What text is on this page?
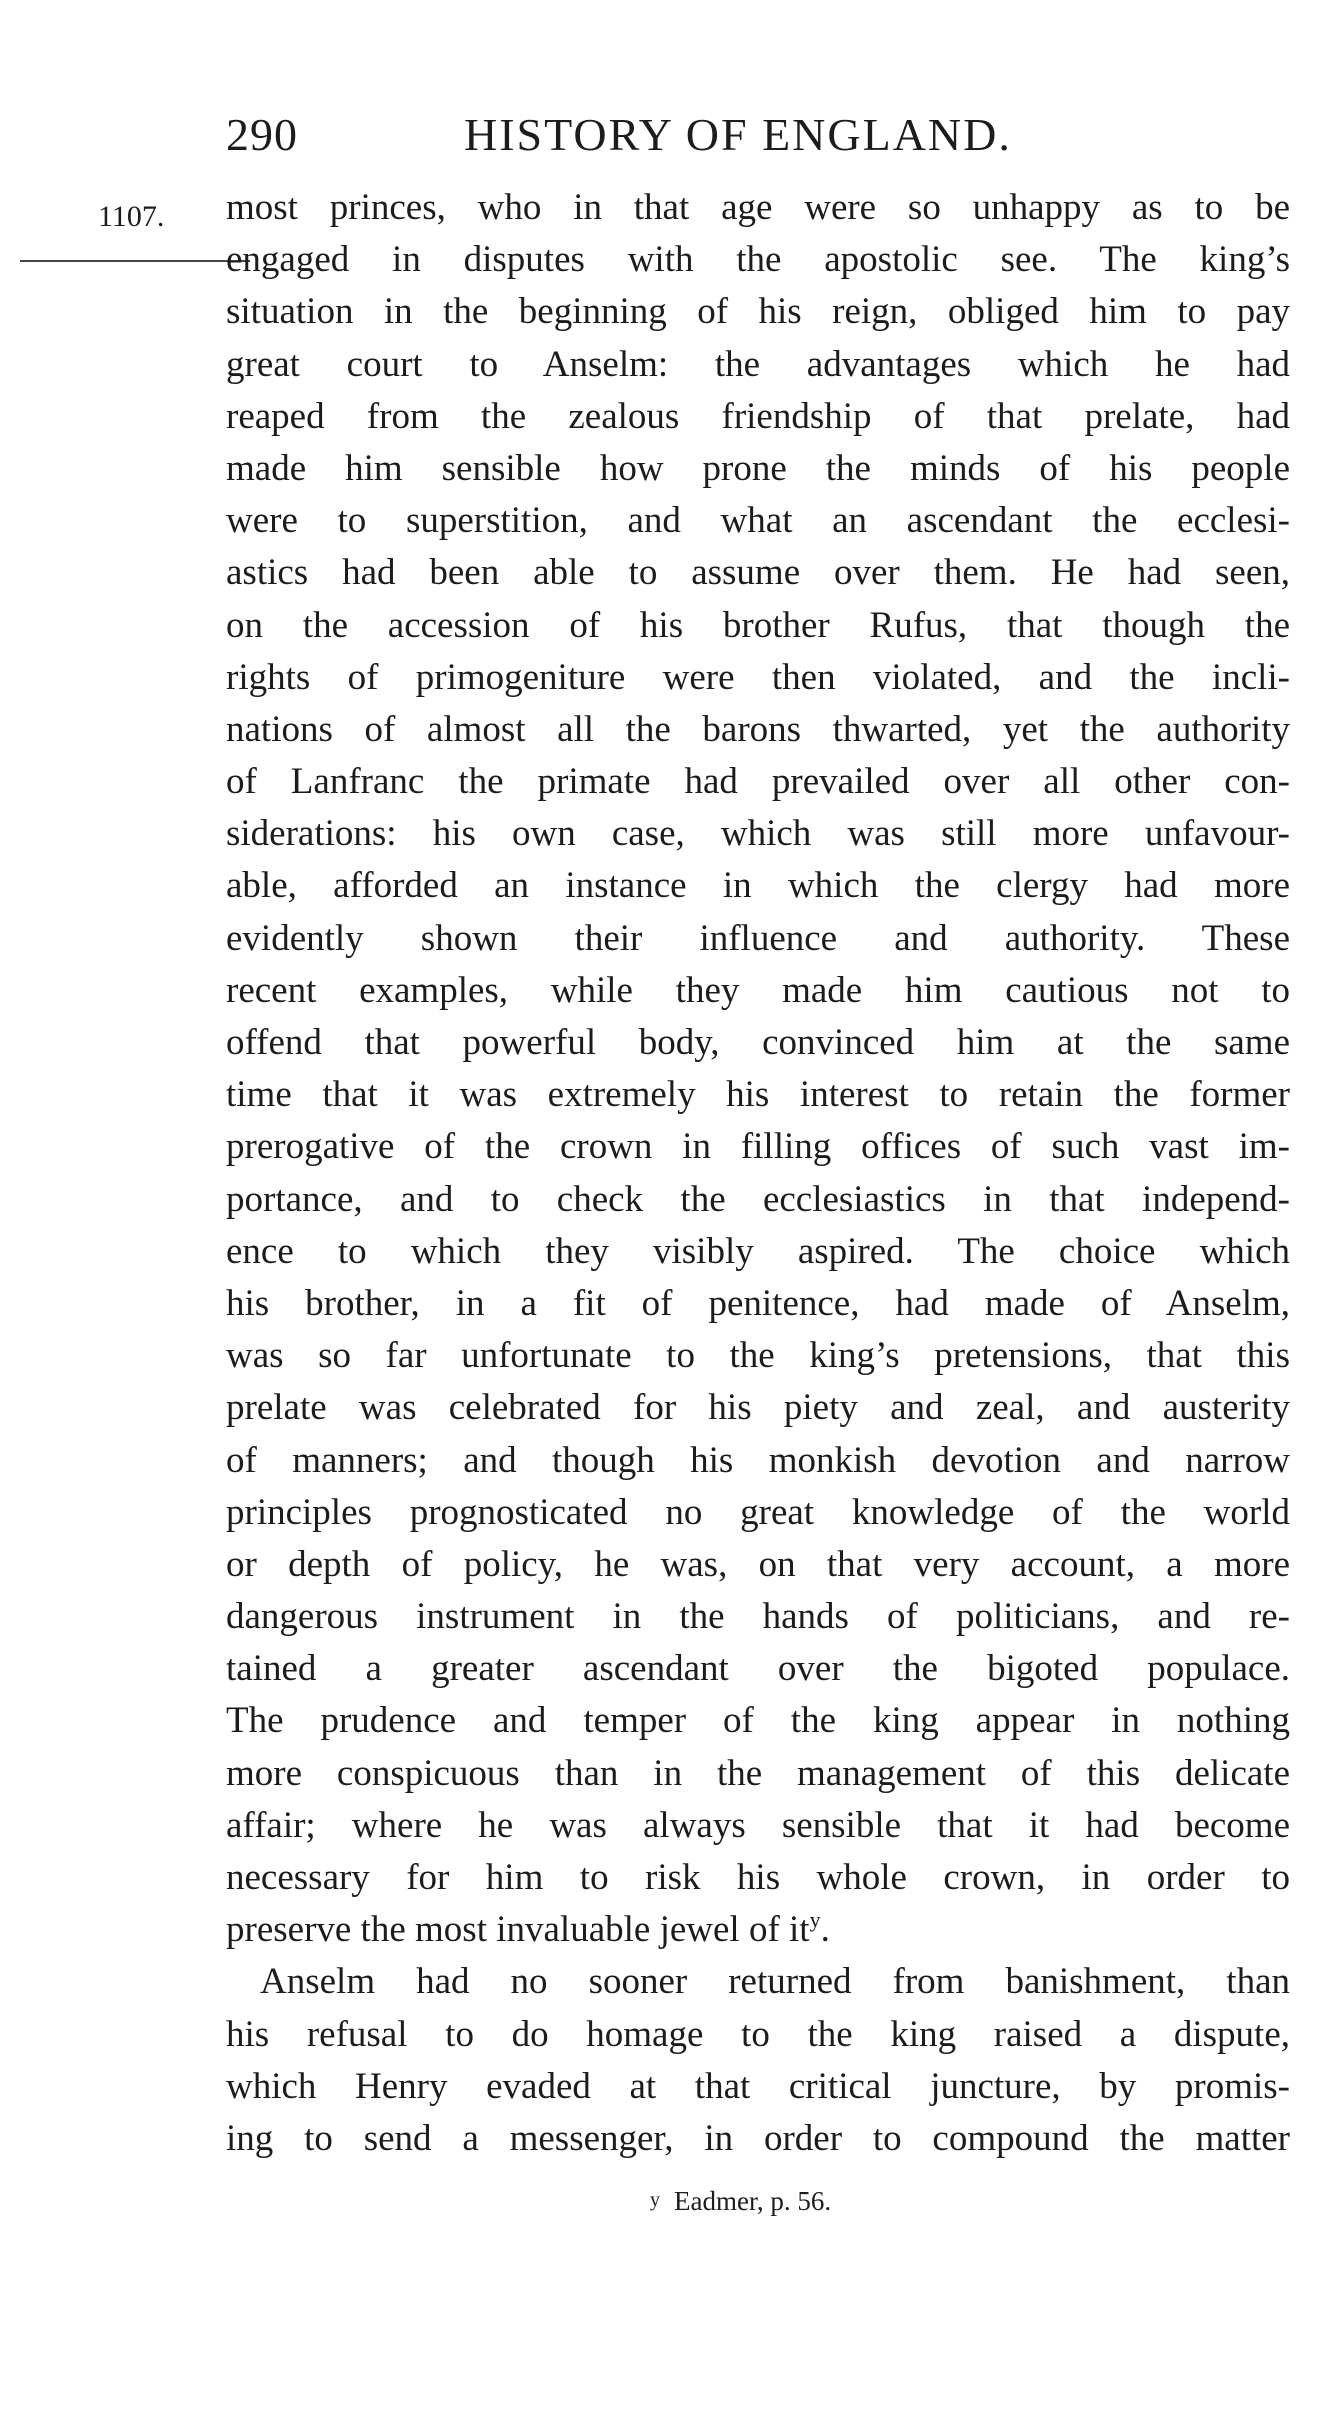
290	HISTORY OF ENGLAND.
1107. most princes, who in that age were so unhappy as to be
engaged in disputes with the apostolic see. The king’s
situation in the beginning of his reign, obliged him to pay
great court to Anselm: the advantages which he had
reaped from the zealous friendship of that prelate, had
made him sensible how prone the minds of his people
were to superstition, and what an ascendant the ecclesi-
astics had been able to assume over them. He had seen,
on the accession of his brother Rufus, that though the
rights of primogeniture were then violated, and the incli-
nations of almost all the barons thwarted, yet the authority
of Lanfranc the primate had prevailed over all other con-
siderations: his own case, which was still more unfavour-
able, afforded an instance in which the clergy had more
evidently shown their influence and authority. These
recent examples, while they made him cautious not to
offend that powerful body, convinced him at the same
time that it was extremely his interest to retain the former
prerogative of the crown in filling offices of such vast im-
portance, and to check the ecclesiastics in that independ-
ence to which they visibly aspired. The choice which
his brother, in a fit of penitence, had made of Anselm,
was so far unfortunate to the king’s pretensions, that this
prelate was celebrated for his piety and zeal, and austerity
of manners; and though his monkish devotion and narrow
principles prognosticated no great knowledge of the world
or depth of policy, he was, on that very account, a more
dangerous instrument in the hands of politicians, and re-
tained a greater ascendant over the bigoted populace.
The prudence and temper of the king appear in nothing
more conspicuous than in the management of this delicate
affair; where he was always sensible that it had become
necessary for him to risk his whole crown, in order to
preserve the most invaluable jewel of it$^y$.
Anselm had no sooner returned from banishment, than
his refusal to do homage to the king raised a dispute,
which Henry evaded at that critical juncture, by promis-
ing to send a messenger, in order to compound the matter
y Eadmer, p. 56.
